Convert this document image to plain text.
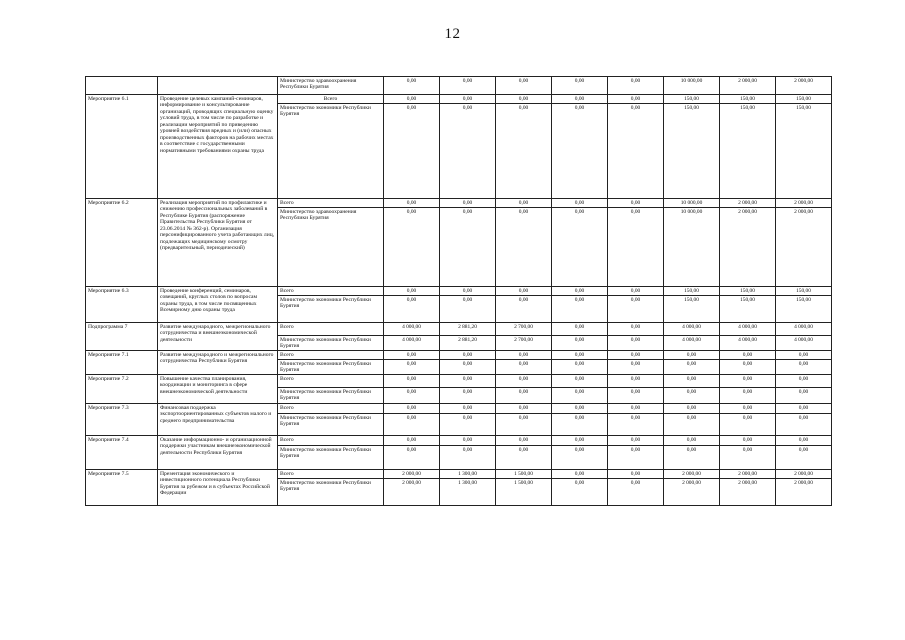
12
		Министерство здравоохранения Республики Бурятия	0,00	0,00	0,00	0,00	0,00	10 000,00	2 000,00	2 000,00
Мероприятие 6.1	Проведение целевых кампаний-семинаров, информирование и консультирование организаций, проводящих специальную оценку условий труда, в том числе по разработке и реализации мероприятий по приведению уровней воздействия вредных и (или) опасных производственных факторов на рабочих местах в соответствие с государственными нормативными требованиями охраны труда	Всего	0,00	0,00	0,00	0,00	0,00	150,00	150,00	150,00
		Министерство экономики Республики Бурятия	0,00	0,00	0,00	0,00	0,00	150,00	150,00	150,00
Мероприятие 6.2	Реализация мероприятий по профилактике и снижению профессиональных заболеваний в Республике Бурятия (распоряжение Правительства Республики Бурятия от 23.06.2014 № 362-р). Организация персонифицированного учета работающих лиц, подлежащих медицинскому осмотру (предварительный, периодический)	Всего	0,00	0,00	0,00	0,00	0,00	10 000,00	2 000,00	2 000,00
		Министерство здравоохранения Республики Бурятия	0,00	0,00	0,00	0,00	0,00	10 000,00	2 000,00	2 000,00
Мероприятие 6.3	Проведение конференций, семинаров, совещаний, круглых столов по вопросам охраны труда, в том числе посвященных Всемирному дню охраны труда	Всего	0,00	0,00	0,00	0,00	0,00	150,00	150,00	150,00
		Министерство экономики Республики Бурятия	0,00	0,00	0,00	0,00	0,00	150,00	150,00	150,00
Подпрограмма 7	Развитие международного, межрегионального сотрудничества и внешнеэкономической деятельности	Всего	4 000,00	2 881,20	2 700,00	0,00	0,00	4 000,00	4 000,00	4 000,00
		Министерство экономики Республики Бурятия	4 000,00	2 881,20	2 700,00	0,00	0,00	4 000,00	4 000,00	4 000,00
Мероприятие 7.1	Развитие международного и межрегионального сотрудничества Республики Бурятия	Всего	0,00	0,00	0,00	0,00	0,00	0,00	0,00	0,00
		Министерство экономики Республики Бурятия	0,00	0,00	0,00	0,00	0,00	0,00	0,00	0,00
Мероприятие 7.2	Повышение качества планирования, координации и мониторинга в сфере внешнеэкономической деятельности	Всего	0,00	0,00	0,00	0,00	0,00	0,00	0,00	0,00
		Министерство экономики Республики Бурятия	0,00	0,00	0,00	0,00	0,00	0,00	0,00	0,00
Мероприятие 7.3	Финансовая поддержка экспортоориентированных субъектов малого и среднего предпринимательства	Всего	0,00	0,00	0,00	0,00	0,00	0,00	0,00	0,00
		Министерство экономики Республики Бурятия	0,00	0,00	0,00	0,00	0,00	0,00	0,00	0,00
Мероприятие 7.4	Оказание информационно- и организационной поддержки участникам внешнеэкономической деятельности Республики Бурятия	Всего	0,00	0,00	0,00	0,00	0,00	0,00	0,00	0,00
		Министерство экономики Республики Бурятия	0,00	0,00	0,00	0,00	0,00	0,00	0,00	0,00
Мероприятие 7.5	Презентация экономического и инвестиционного потенциала Республики Бурятия за рубежом и в субъектах Российской Федерации	Всего	2 000,00	1 300,00	1 500,00	0,00	0,00	2 000,00	2 000,00	2 000,00
		Министерство экономики Республики Бурятия	2 000,00	1 300,00	1 500,00	0,00	0,00	2 000,00	2 000,00	2 000,00
